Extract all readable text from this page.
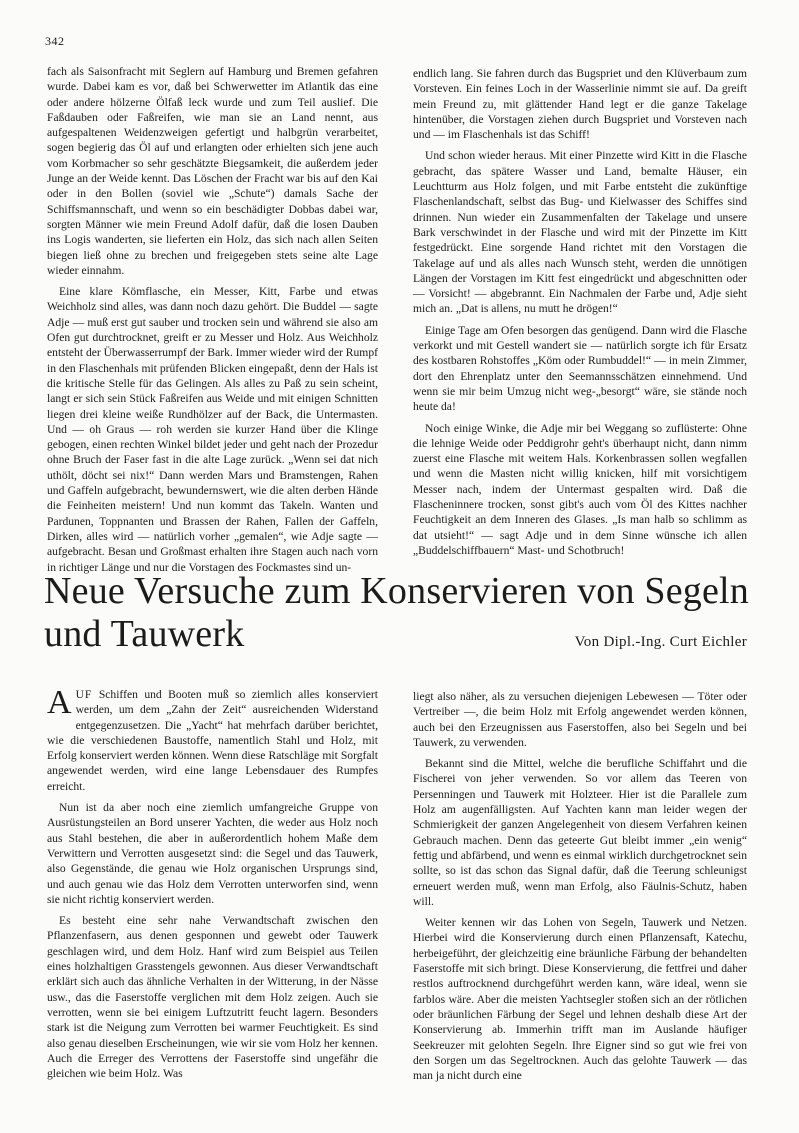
342

fach als Saisonfracht mit Seglern auf Hamburg und Bremen gefahren wurde. Dabei kam es vor, daß bei Schwerwetter im Atlantik das eine oder andere hölzerne Ölfaß leck wurde und zum Teil auslief. Die Faßdauben oder Faßreifen, wie man sie an Land nennt, aus aufgespaltenen Weidenzweigen gefertigt und halbgrün verarbeitet, sogen begierig das Öl auf und erlangten oder erhielten sich jene auch vom Korbmacher so sehr geschätzte Biegsamkeit, die außerdem jeder Junge an der Weide kennt. Das Löschen der Fracht war bis auf den Kai oder in den Bollen (soviel wie „Schute“) damals Sache der Schiffsmannschaft, und wenn so ein beschädigter Dobbas dabei war, sorgten Männer wie mein Freund Adolf dafür, daß die losen Dauben ins Logis wanderten, sie lieferten ein Holz, das sich nach allen Seiten biegen ließ ohne zu brechen und freigegeben stets seine alte Lage wieder einnahm.

Eine klare Kömflasche, ein Messer, Kitt, Farbe und etwas Weichholz sind alles, was dann noch dazu gehört. Die Buddel — sagte Adje — muß erst gut sauber und trocken sein und während sie also am Ofen gut durchtrocknet, greift er zu Messer und Holz. Aus Weichholz entsteht der Überwasserrumpf der Bark. Immer wieder wird der Rumpf in den Flaschenhals mit prüfenden Blicken eingepaßt, denn der Hals ist die kritische Stelle für das Gelingen. Als alles zu Paß zu sein scheint, langt er sich sein Stück Faßreifen aus Weide und mit einigen Schnitten liegen drei kleine weiße Rundhölzer auf der Back, die Untermasten. Und — oh Graus — roh werden sie kurzer Hand über die Klinge gebogen, einen rechten Winkel bildet jeder und geht nach der Prozedur ohne Bruch der Faser fast in die alte Lage zurück. „Wenn sei dat nich uthölt, döcht sei nix!“ Dann werden Mars und Bramstengen, Rahen und Gaffeln aufgebracht, bewundernswert, wie die alten derben Hände die Feinheiten meistern! Und nun kommt das Takeln. Wanten und Pardunen, Toppnanten und Brassen der Rahen, Fallen der Gaffeln, Dirken, alles wird — natürlich vorher „gemalen“, wie Adje sagte — aufgebracht. Besan und Großmast erhalten ihre Stagen auch nach vorn in richtiger Länge und nur die Vorstagen des Fockmastes sind un-

endlich lang. Sie fahren durch das Bugspriet und den Klüverbaum zum Vorsteven. Ein feines Loch in der Wasserlinie nimmt sie auf. Da greift mein Freund zu, mit glättender Hand legt er die ganze Takelage hintenüber, die Vorstagen ziehen durch Bugspriet und Vorsteven nach und — im Flaschenhals ist das Schiff!

Und schon wieder heraus. Mit einer Pinzette wird Kitt in die Flasche gebracht, das spätere Wasser und Land, bemalte Häuser, ein Leuchtturm aus Holz folgen, und mit Farbe entsteht die zukünftige Flaschenlandschaft, selbst das Bug- und Kielwasser des Schiffes sind drinnen. Nun wieder ein Zusammenfalten der Takelage und unsere Bark verschwindet in der Flasche und wird mit der Pinzette im Kitt festgedrückt. Eine sorgende Hand richtet mit den Vorstagen die Takelage auf und als alles nach Wunsch steht, werden die unnötigen Längen der Vorstagen im Kitt fest eingedrückt und abgeschnitten oder — Vorsicht! — abgebrannt. Ein Nachmalen der Farbe und, Adje sieht mich an. „Dat is allens, nu mutt he drögen!“

Einige Tage am Ofen besorgen das genügend. Dann wird die Flasche verkorkt und mit Gestell wandert sie — natürlich sorgte ich für Ersatz des kostbaren Rohstoffes „Köm oder Rumbuddel!“ — in mein Zimmer, dort den Ehrenplatz unter den Seemannsschätzen einnehmend. Und wenn sie mir beim Umzug nicht weg-„besorgt“ wäre, sie stände noch heute da!

Noch einige Winke, die Adje mir bei Weggang so zuflüsterte: Ohne die lehnige Weide oder Peddigrohr geht's überhaupt nicht, dann nimm zuerst eine Flasche mit weitem Hals. Korkenbrassen sollen wegfallen und wenn die Masten nicht willig knicken, hilf mit vorsichtigem Messer nach, indem der Untermast gespalten wird. Daß die Flascheninnere trocken, sonst gibt's auch vom Öl des Kittes nachher Feuchtigkeit an dem Inneren des Glases. „Is man halb so schlimm as dat utsieht!“ — sagt Adje und in dem Sinne wünsche ich allen „Buddelschiffbauern“ Mast- und Schotbruch!

Neue Versuche zum Konservieren von Segeln und Tauwerk	Von Dipl.-Ing. Curt Eichler

AUF Schiffen und Booten muß so ziemlich alles konserviert werden, um dem „Zahn der Zeit“ ausreichenden Widerstand entgegenzusetzen. Die „Yacht“ hat mehrfach darüber berichtet, wie die verschiedenen Baustoffe, namentlich Stahl und Holz, mit Erfolg konserviert werden können. Wenn diese Ratschläge mit Sorgfalt angewendet werden, wird eine lange Lebensdauer des Rumpfes erreicht.

Nun ist da aber noch eine ziemlich umfangreiche Gruppe von Ausrüstungsteilen an Bord unserer Yachten, die weder aus Holz noch aus Stahl bestehen, die aber in außerordentlich hohem Maße dem Verwittern und Verrotten ausgesetzt sind: die Segel und das Tauwerk, also Gegenstände, die genau wie Holz organischen Ursprungs sind, und auch genau wie das Holz dem Verrotten unterworfen sind, wenn sie nicht richtig konserviert werden.

Es besteht eine sehr nahe Verwandtschaft zwischen den Pflanzenfasern, aus denen gesponnen und gewebt oder Tauwerk geschlagen wird, und dem Holz. Hanf wird zum Beispiel aus Teilen eines holzhaltigen Grasstengels gewonnen. Aus dieser Verwandtschaft erklärt sich auch das ähnliche Verhalten in der Witterung, in der Nässe usw., das die Faserstoffe verglichen mit dem Holz zeigen. Auch sie verrotten, wenn sie bei einigem Luftzutritt feucht lagern. Besonders stark ist die Neigung zum Verrotten bei warmer Feuchtigkeit. Es sind also genau dieselben Erscheinungen, wie wir sie vom Holz her kennen. Auch die Erreger des Verrottens der Faserstoffe sind ungefähr die gleichen wie beim Holz. Was

liegt also näher, als zu versuchen diejenigen Lebewesen — Töter oder Vertreiber —, die beim Holz mit Erfolg angewendet werden können, auch bei den Erzeugnissen aus Faserstoffen, also bei Segeln und bei Tauwerk, zu verwenden.

Bekannt sind die Mittel, welche die berufliche Schiffahrt und die Fischerei von jeher verwenden. So vor allem das Teeren von Persenningen und Tauwerk mit Holzteer. Hier ist die Parallele zum Holz am augenfälligsten. Auf Yachten kann man leider wegen der Schmierigkeit der ganzen Angelegenheit von diesem Verfahren keinen Gebrauch machen. Denn das geteerte Gut bleibt immer „ein wenig“ fettig und abfärbend, und wenn es einmal wirklich durchgetrocknet sein sollte, so ist das schon das Signal dafür, daß die Teerung schleunigst erneuert werden muß, wenn man Erfolg, also Fäulnis-Schutz, haben will.

Weiter kennen wir das Lohen von Segeln, Tauwerk und Netzen. Hierbei wird die Konservierung durch einen Pflanzensaft, Katechu, herbeigeführt, der gleichzeitig eine bräunliche Färbung der behandelten Faserstoffe mit sich bringt. Diese Konservierung, die fettfrei und daher restlos auftrocknend durchgeführt werden kann, wäre ideal, wenn sie farblos wäre. Aber die meisten Yachtsegler stoßen sich an der rötlichen oder bräunlichen Färbung der Segel und lehnen deshalb diese Art der Konservierung ab. Immerhin trifft man im Auslande häufiger Seekreuzer mit gelohten Segeln. Ihre Eigner sind so gut wie frei von den Sorgen um das Segeltrocknen. Auch das gelohte Tauwerk — das man ja nicht durch eine
